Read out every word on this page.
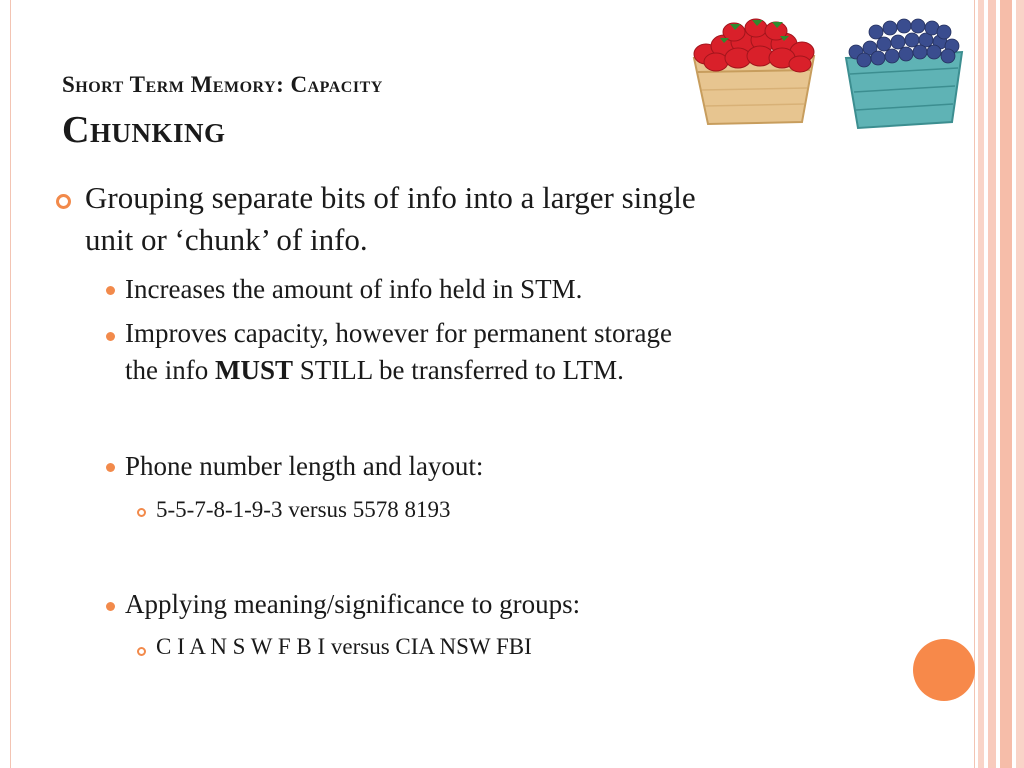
Short Term Memory: Capacity
Chunking
Grouping separate bits of info into a larger single
unit or ‘chunk’ of info.
Increases the amount of info held in STM.
Improves capacity, however for permanent storage
the info MUST STILL be transferred to LTM.
Phone number length and layout:
5-5-7-8-1-9-3 versus 5578 8193
Applying meaning/significance to groups:
C I A N S W F B I versus CIA NSW FBI
